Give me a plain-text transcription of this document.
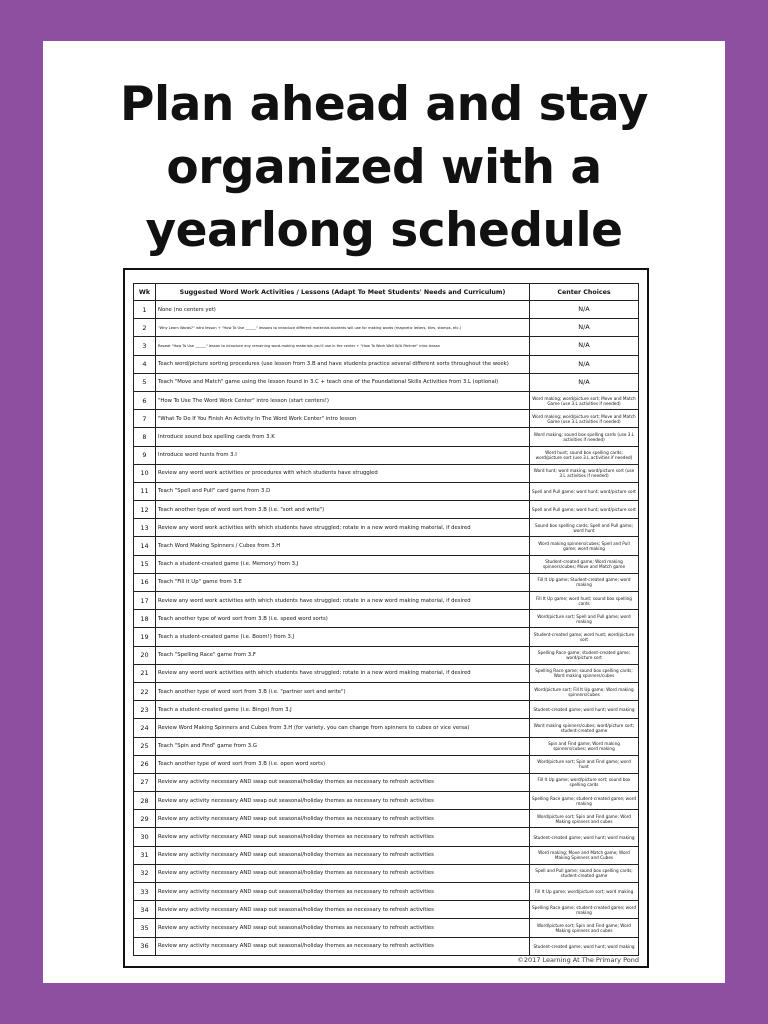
Plan ahead and stay
organized with a
yearlong schedule
Wk	Suggested Word Work Activities / Lessons (Adapt To Meet Students' Needs and Curriculum)	Center Choices
1	None (no centers yet)	N/A
2	"Why Learn Words?" intro lesson + "How To Use ______" lessons to introduce different materials students will use for making words (magnetic letters, tiles, stamps, etc.)	N/A
3	Repeat "How To Use ______" lesson to introduce any remaining word-making materials you'll use in the center + "How To Work Well W/A Partner" intro lesson	N/A
4	Teach word/picture sorting procedures (use lesson from 3.B and have students practice several different sorts throughout the week)	N/A
5	Teach "Move and Match" game using the lesson found in 3.C + teach one of the Foundational Skills Activities from 3.L (optional)	N/A
6	"How To Use The Word Work Center" intro lesson (start centers!)	Word making; word/picture sort; Move and Match Game (use 3.L activities if needed)
7	"What To Do If You Finish An Activity In The Word Work Center" intro lesson	Word making; word/picture sort; Move and Match Game (use 3.L activities if needed)
8	Introduce sound box spelling cards from 3.K	Word making; sound box spelling cards (use 3.L activities if needed)
9	Introduce word hunts from 3.I	Word hunt; sound box spelling cards; word/picture sort (use 3.L activities if needed)
10	Review any word work activities or procedures with which students have struggled	Word hunt; word making; word/picture sort (use 3.L activities if needed)
11	Teach "Spell and Pull" card game from 3.D	Spell and Pull game; word hunt; word/picture sort
12	Teach another type of word sort from 3.B (i.e. "sort and write")	Spell and Pull game; word hunt; word/picture sort
13	Review any word work activities with which students have struggled; rotate in a new word making material, if desired	Sound box spelling cards; Spell and Pull game; word hunt
14	Teach Word Making Spinners / Cubes from 3.H	Word making spinners/cubes; Spell and Pull game; word making
15	Teach a student-created game (i.e. Memory) from 3.J	Student-created game; Word making spinners/cubes; Move and Match game
16	Teach "Fill It Up" game from 3.E	Fill It Up game; Student-created game; word making
17	Review any word work activities with which students have struggled; rotate in a new word making material, if desired	Fill It Up game; word hunt; sound box spelling cards
18	Teach another type of word sort from 3.B (i.e. speed word sorts)	Word/picture sort; Spell and Pull game; word making
19	Teach a student-created game (i.e. Boom!) from 3.J	Student-created game; word hunt; word/picture sort
20	Teach "Spelling Race" game from 3.F	Spelling Race game; student-created game; word/picture sort
21	Review any word work activities with which students have struggled; rotate in a new word making material, if desired	Spelling Race game; sound box spelling cards; Word making spinners/cubes
22	Teach another type of word sort from 3.B (i.e. "partner sort and write")	Word/picture sort; Fill It Up game; Word making spinners/cubes
23	Teach a student-created game (i.e. Bingo) from 3.J	Student-created game; word hunt; word making
24	Review Word Making Spinners and Cubes from 3.H (for variety, you can change from spinners to cubes or vice versa)	Word making spinners/cubes; word/picture sort; student-created game
25	Teach "Spin and Find" game from 3.G	Spin and Find game; Word making spinners/cubes; word making
26	Teach another type of word sort from 3.B (i.e. open word sorts)	Word/picture sort; Spin and Find game; word hunt
27	Review any activity necessary AND swap out seasonal/holiday themes as necessary to refresh activities	Fill It Up game; word/picture sort; sound box spelling cards
28	Review any activity necessary AND swap out seasonal/holiday themes as necessary to refresh activities	Spelling Race game; student-created game; word making
29	Review any activity necessary AND swap out seasonal/holiday themes as necessary to refresh activities	Word/picture sort; Spin and Find game; Word Making spinners and cubes
30	Review any activity necessary AND swap out seasonal/holiday themes as necessary to refresh activities	Student-created game; word hunt; word making
31	Review any activity necessary AND swap out seasonal/holiday themes as necessary to refresh activities	Word making; Move and Match game; Word Making Spinners and Cubes
32	Review any activity necessary AND swap out seasonal/holiday themes as necessary to refresh activities	Spell and Pull game; sound box spelling cards; student-created game
33	Review any activity necessary AND swap out seasonal/holiday themes as necessary to refresh activities	Fill It Up game; word/picture sort; word making
34	Review any activity necessary AND swap out seasonal/holiday themes as necessary to refresh activities	Spelling Race game; student-created game; word making
35	Review any activity necessary AND swap out seasonal/holiday themes as necessary to refresh activities	Word/picture sort; Spin and Find game; Word Making spinners and cubes
36	Review any activity necessary AND swap out seasonal/holiday themes as necessary to refresh activities	Student-created game; word hunt; word making
©2017 Learning At The Primary Pond
